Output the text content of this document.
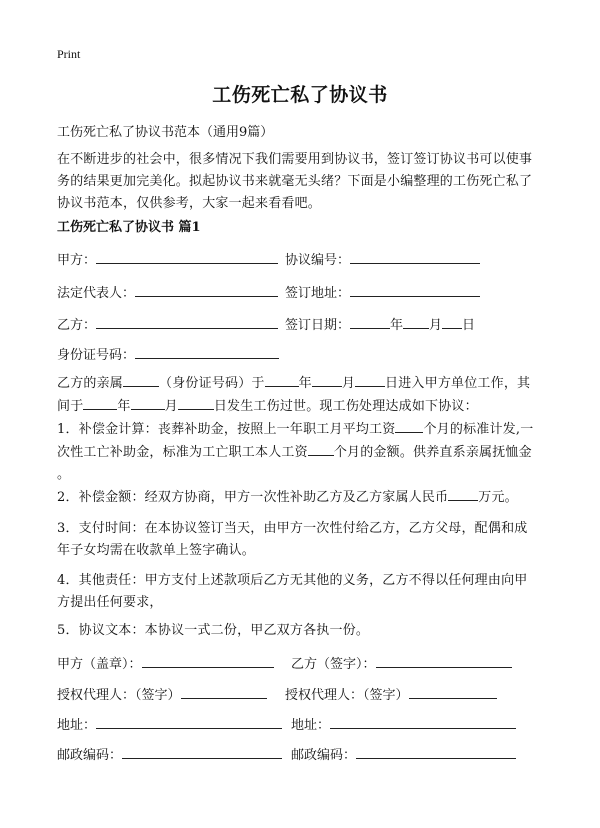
Print
工伤死亡私了协议书
工伤死亡私了协议书范本（通用9篇）
在不断进步的社会中，很多情况下我们需要用到协议书，签订签订协议书可以使事
务的结果更加完美化。拟起协议书来就毫无头绪？下面是小编整理的工伤死亡私了
协议书范本，仅供参考，大家一起来看看吧。
工伤死亡私了协议书 篇1
甲方：	协议编号：
法定代表人：	签订地址：
乙方：	签订日期：	年 月 日
身份证号码：
乙方的亲属	（身份证号码）于	年 月 日进入甲方单位工作，其
间于	年	月	日发生工伤过世。现工伤处理达成如下协议：
1．补偿金计算：丧葬补助金，按照上一年职工月平均工资 个月的标准计发,一
次性工亡补助金，标准为工亡职工本人工资 个月的金额。供养直系亲属抚恤金
。
2．补偿金额：经双方协商，甲方一次性补助乙方及乙方家属人民币 万元。
3．支付时间：在本协议签订当天，由甲方一次性付给乙方，乙方父母，配偶和成
年子女均需在收款单上签字确认。
4．其他责任：甲方支付上述款项后乙方无其他的义务，乙方不得以任何理由向甲
方提出任何要求，
5．协议文本：本协议一式二份，甲乙双方各执一份。
甲方（盖章）：	乙方（签字）：
授权代理人：（签字）	授权代理人：（签字）
地址：	地址：
邮政编码：	邮政编码：
